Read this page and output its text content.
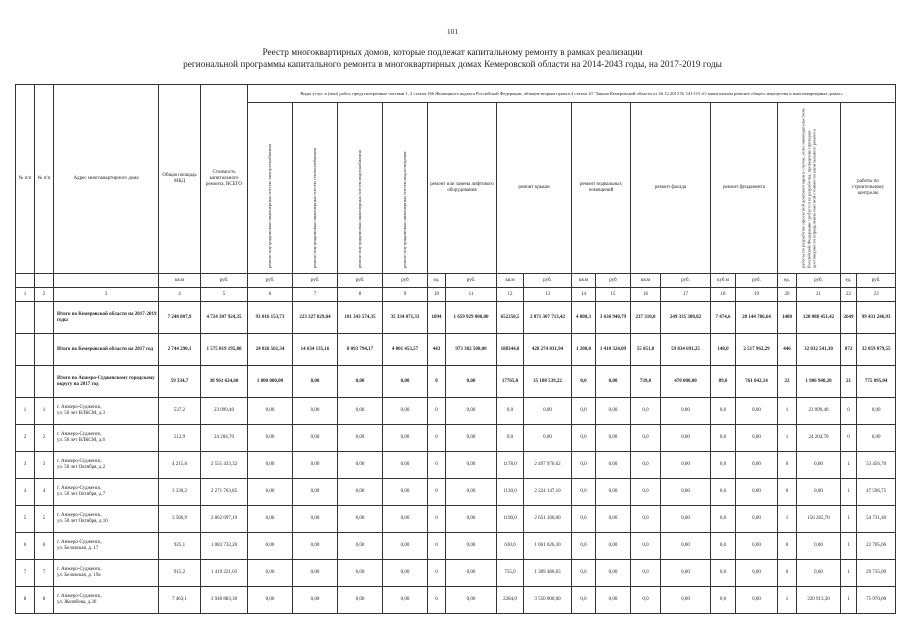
101
Реестр многоквартирных домов, которые подлежат капитальному ремонту в рамках реализации
региональной программы капитального ремонта в многоквартирных домах Кемеровской области на 2014-2043 годы, на 2017-2019 годы
№ п/п	№ п/п	Адрес многоквартирного дома	Общая площадь МКД	Стоимость капитального ремонта, ВСЕГО	Виды услуг и (или) работ, предусмотренные частями 1, 2 статьи 166 Жилищного кодекса Российской Федерации, абзацем вторым пункта 4 статьи 10 "Закона Кемеровской области от 26.12.2013 № 141-ОЗ «О капитальном ремонте общего имущества в многоквартирных домах»																	

					ремонт внутридомовых инженерных систем электроснабжения	ремонт внутридомовых инженерных систем теплоснабжения	ремонт внутридомовых инженерных систем водоснабжения	ремонт внутридомовых инженерных систем водоотведения	ремонт или замена лифтового оборудования		ремонт крыши		ремонт подвальных помещений		ремонт фасада		ремонт фундамента		работы по разработке проектной документации в случае, если законодательством Российской Федерации требуется ее разработка, проведение проверки достоверности определения сметной стоимости капитального ремонта		работы по строительному контролю	
			кв.м	руб.	руб.	руб.	руб.	руб	ед.	руб.	кв.м	руб.	кв.м	руб	кв.м	руб.	куб.м	руб.	ед.	руб.	ед.	руб.
1	2	3	4	5	6	7	8	9	10	11	12	13	14	15	16	17	18	19	20	21	22	23
		Итого по Кемеровской области на 2017-2019 годы	7 248 807,9	4 724 307 924,35	93 016 153,73	223 327 829,04	101 343 574,35	35 334 071,33	1094	1 659 929 000,00	652350,5	2 071 307 713,42	4 800,3	3 636 940,79	237 310,8	249 335 380,82	7 474,6	20 144 786,64	1480	120 088 451,42	2649	99 431 246,93
		Итого по Кемеровской области на 2017 год	2 744 290,1	1 575 019 195,80	24 026 561,34	14 634 135,16	8 093 794,17	4 001 453,57	443	973 302 500,00	188344,8	428 274 031,94	1 200,0	1 410 324,09	55 051,8	59 834 691,25	148,0	2 517 962,29	446	32 032 541,30	872	32 059 079,55
		Итого по Анжеро-Судженскому городскому округу на 2017 год	59 334,7	38 961 624,60	1 800 000,00	0,00	0,00	0,00	0	0,00	17765,0	35 188 539,22	0,0	0,00	739,0	470 000,00	89,0	761 042,14	22	1 986 940,20	21	775 095,04
1	1	г. Анжеро-Судженск,
ул. 50 лет ВЛКСМ, д.3	537,2	23 099,40	0,00	0,00	0,00	0,00	0	0,00	0,0	0,00	0,0	0,00	0,0	0,00	0,0	0,00	1	23 099,40	0	0,00
2	2	г. Анжеро-Судженск,
ул. 50 лет ВЛКСМ, д.6	512,9	24 204,70	0,00	0,00	0,00	0,00	0	0,00	0,0	0,00	0,0	0,00	0,0	0,00	0,0	0,00	1	24 204,70	0	0,00
3	3	г. Анжеро-Судженск,
ул. 50 лет Октября, д.2	4 215,8	2 551 433,32	0,00	0,00	0,00	0,00	0	0,00	1178,0	2 497 976,62	0,0	0,00	0,0	0,00	0,0	0,00	0	0,00	1	53 456,70
4	4	г. Анжеро-Судженск,
ул. 50 лет Октября, д.7	3 330,2	2 271 763,85	0,00	0,00	0,00	0,00	0	0,00	1130,0	2 224 147,10	0,0	0,00	0,0	0,00	0,0	0,00	0	0,00	1	47 596,75
5	5	г. Анжеро-Судженск,
ул. 50 лет Октября, д.10	3 580,9	2 862 097,19	0,00	0,00	0,00	0,00	0	0,00	1190,0	2 651 100,00	0,0	0,00	0,0	0,00	0,0	0,00	1	156 265,70	1	54 731,40
6	6	г. Анжеро-Судженск,
ул. Беловская, д. 17	925,1	1 083 732,20	0,00	0,00	0,00	0,00	0	0,00	630,0	1 061 026,30	0,0	0,00	0,0	0,00	0,0	0,00	0	0,00	1	22 705,06
7	7	г. Анжеро-Судженск,
ул. Беловская, д. 19а	915,2	1 419 221,03	0,00	0,00	0,00	0,00	0	0,00	755,0	1 389 486,03	0,0	0,00	0,0	0,00	0,0	0,00	0	0,00	1	29 735,00
8	8	г. Анжеро-Судженск,
ул. Желябова, д.36	7 463,1	3 946 883,30	0,00	0,00	0,00	0,00	0	0,00	2284,0	3 550 000,00	0,0	0,00	0,0	0,00	0,0	0,00	1	320 913,30	1	75 970,00
